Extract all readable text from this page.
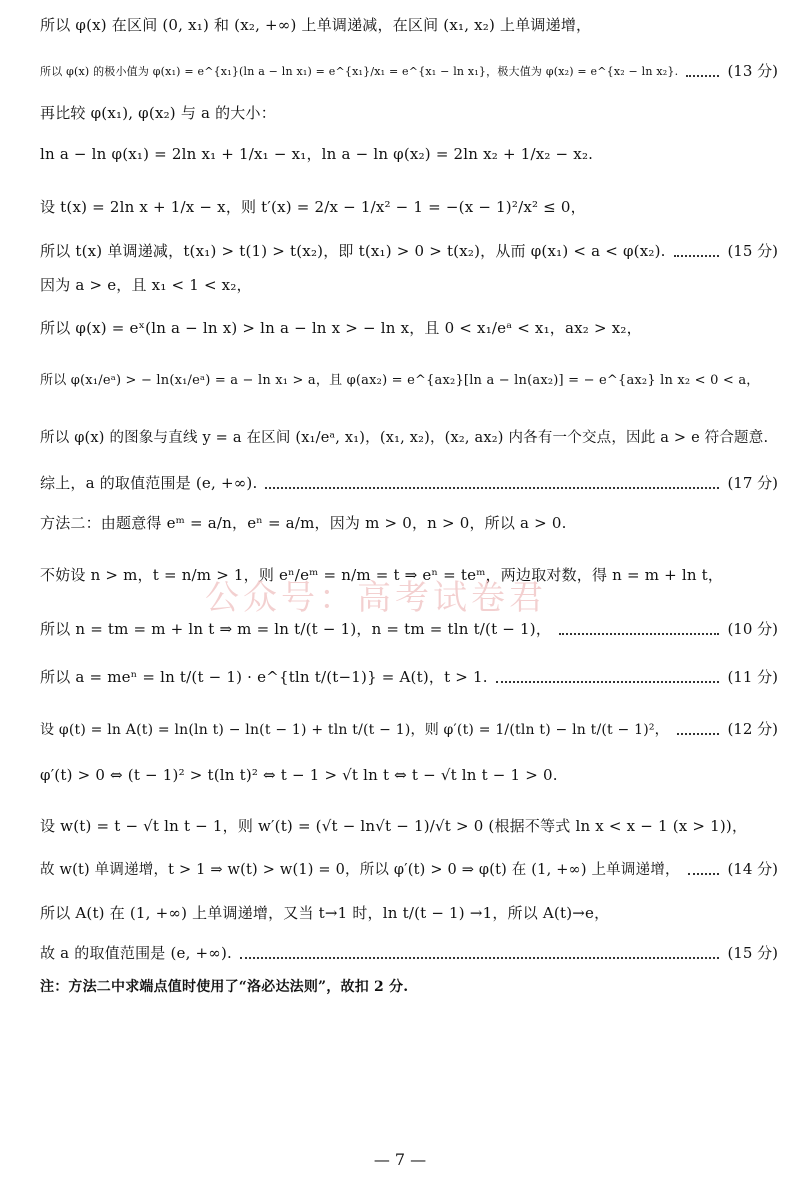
所以 φ(x) 在区间 (0, x₁) 和 (x₂, +∞) 上单调递减，在区间 (x₁, x₂) 上单调递增，
所以 φ(x) 的极小值为 φ(x₁) = e^{x₁}(ln a − ln x₁) = e^{x₁}/x₁ = e^{x₁ − ln x₁}，极大值为 φ(x₂) = e^{x₂ − ln x₂}.	(13 分)
再比较 φ(x₁), φ(x₂) 与 a 的大小：
ln a − ln φ(x₁) = 2ln x₁ + 1/x₁ − x₁，ln a − ln φ(x₂) = 2ln x₂ + 1/x₂ − x₂.
设 t(x) = 2ln x + 1/x − x，则 t′(x) = 2/x − 1/x² − 1 = −(x − 1)²/x² ≤ 0，
所以 t(x) 单调递减，t(x₁) > t(1) > t(x₂)，即 t(x₁) > 0 > t(x₂)，从而 φ(x₁) < a < φ(x₂).	(15 分)
因为 a > e，且 x₁ < 1 < x₂，
所以 φ(x) = eˣ(ln a − ln x) > ln a − ln x > − ln x，且 0 < x₁/eᵃ < x₁，ax₂ > x₂，
所以 φ(x₁/eᵃ) > − ln(x₁/eᵃ) = a − ln x₁ > a，且 φ(ax₂) = e^{ax₂}[ln a − ln(ax₂)] = − e^{ax₂} ln x₂ < 0 < a，
所以 φ(x) 的图象与直线 y = a 在区间 (x₁/eᵃ, x₁)，(x₁, x₂)，(x₂, ax₂) 内各有一个交点，因此 a > e 符合题意.
综上，a 的取值范围是 (e, +∞).	(17 分)
方法二：由题意得 eᵐ = a/n，eⁿ = a/m，因为 m > 0，n > 0，所以 a > 0.
不妨设 n > m，t = n/m > 1，则 eⁿ/eᵐ = n/m = t ⇒ eⁿ = teᵐ，两边取对数，得 n = m + ln t，
所以 n = tm = m + ln t ⇒ m = ln t/(t − 1)，n = tm = tln t/(t − 1)，	(10 分)
所以 a = meⁿ = ln t/(t − 1) · e^{tln t/(t−1)} = A(t)，t > 1.	(11 分)
设 φ(t) = ln A(t) = ln(ln t) − ln(t − 1) + tln t/(t − 1)，则 φ′(t) = 1/(tln t) − ln t/(t − 1)²，	(12 分)
φ′(t) > 0 ⇔ (t − 1)² > t(ln t)² ⇔ t − 1 > √t ln t ⇔ t − √t ln t − 1 > 0.
设 w(t) = t − √t ln t − 1，则 w′(t) = (√t − ln√t − 1)/√t > 0 (根据不等式 ln x < x − 1 (x > 1))，
故 w(t) 单调递增，t > 1 ⇒ w(t) > w(1) = 0，所以 φ′(t) > 0 ⇒ φ(t) 在 (1, +∞) 上单调递增，	(14 分)
所以 A(t) 在 (1, +∞) 上单调递增，又当 t→1 时，ln t/(t − 1) →1，所以 A(t)→e，
故 a 的取值范围是 (e, +∞).	(15 分)
注：方法二中求端点值时使用了“洛必达法则”，故扣 2 分.
公众号：高考试卷君
— 7 —
